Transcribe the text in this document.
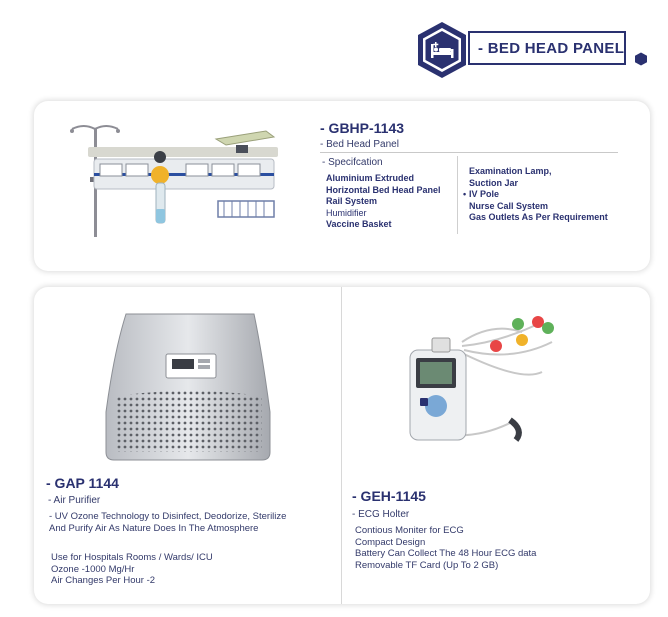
- BED HEAD PANEL
- GBHP-1143
- Bed Head Panel
- Specifcation
Aluminium Extruded
Horizontal Bed Head Panel
Rail System
Humidifier
Vaccine Basket
Examination Lamp,
Suction Jar
• IV Pole
Nurse Call System
Gas Outlets As Per Requirement
- GAP 1144
- Air Purifier
- UV Ozone Technology to Disinfect, Deodorize, Sterilize And Purify Air As Nature Does In The Atmosphere
Use for Hospitals Rooms / Wards/ ICU
Ozone -1000 Mg/Hr
Air Changes Per Hour -2
- GEH-1145
- ECG Holter
Contious Moniter for ECG
Compact Design
Battery Can Collect The 48 Hour ECG data
Removable TF Card (Up To 2 GB)
